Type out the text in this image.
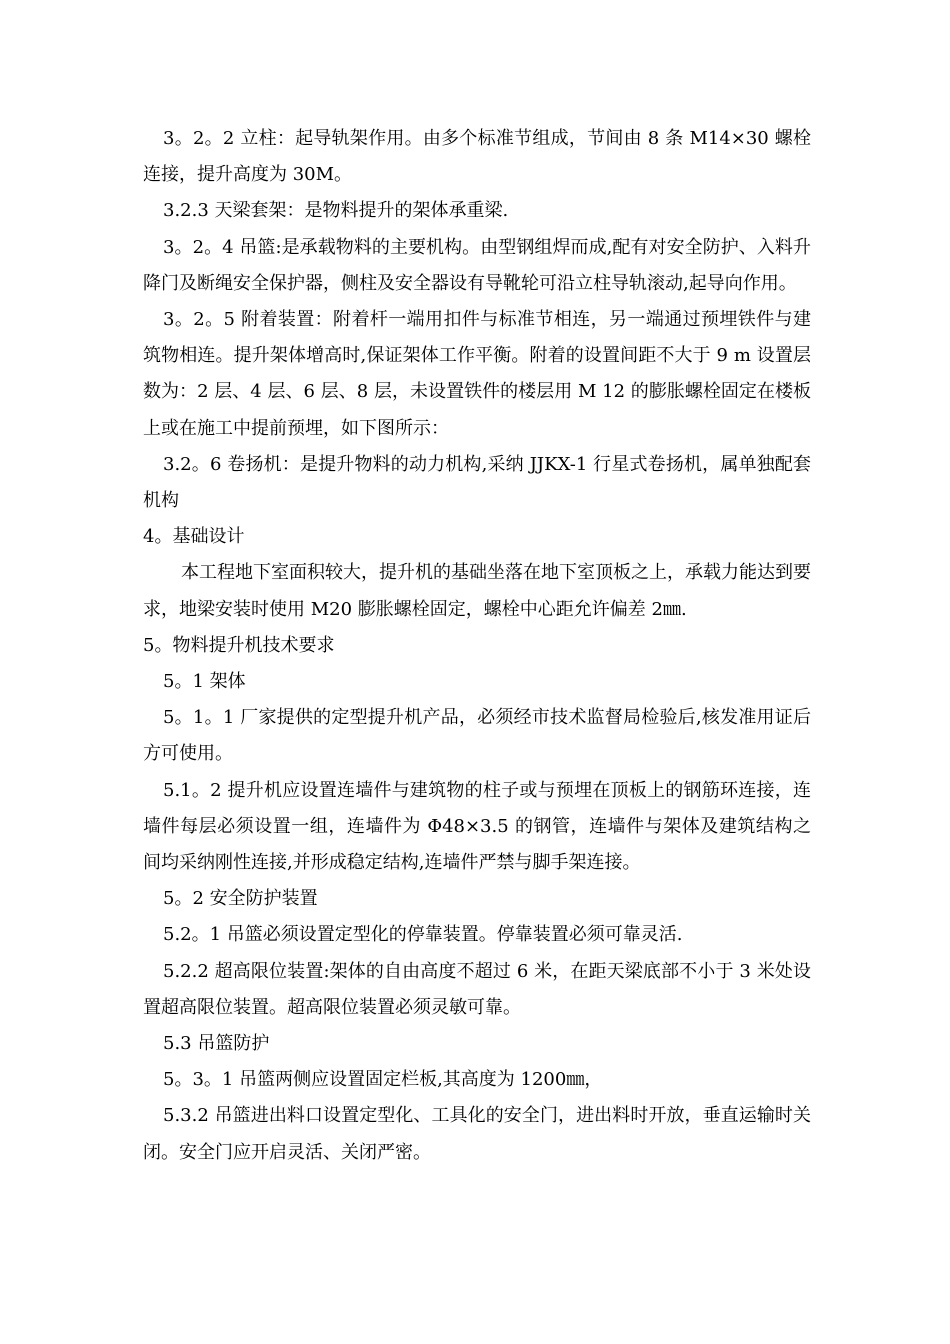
3。2。2 立柱：起导轨架作用。由多个标准节组成，节间由 8 条 M14×30 螺栓连接，提升高度为 30M。

3.2.3 天梁套架：是物料提升的架体承重梁.

3。2。4 吊篮:是承载物料的主要机构。由型钢组焊而成,配有对安全防护、入料升降门及断绳安全保护器，侧柱及安全器设有导靴轮可沿立柱导轨滚动,起导向作用。

3。2。5 附着装置：附着杆一端用扣件与标准节相连，另一端通过预埋铁件与建筑物相连。提升架体增高时,保证架体工作平衡。附着的设置间距不大于 9 m 设置层数为：2 层、4 层、6 层、8 层，未设置铁件的楼层用 M 12 的膨胀螺栓固定在楼板上或在施工中提前预埋，如下图所示：

3.2。6 卷扬机：是提升物料的动力机构,采纳 JJKX-1 行星式卷扬机，属单独配套机构

4。基础设计

本工程地下室面积较大，提升机的基础坐落在地下室顶板之上，承载力能达到要求，地梁安装时使用 M20 膨胀螺栓固定，螺栓中心距允许偏差 2㎜.

5。物料提升机技术要求

5。1 架体

5。1。1 厂家提供的定型提升机产品，必须经市技术监督局检验后,核发准用证后方可使用。

5.1。2 提升机应设置连墙件与建筑物的柱子或与预埋在顶板上的钢筋环连接，连墙件每层必须设置一组，连墙件为 Φ48×3.5 的钢管，连墙件与架体及建筑结构之间均采纳刚性连接,并形成稳定结构,连墙件严禁与脚手架连接。

5。2 安全防护装置

5.2。1 吊篮必须设置定型化的停靠装置。停靠装置必须可靠灵活.

5.2.2 超高限位装置:架体的自由高度不超过 6 米，在距天梁底部不小于 3 米处设置超高限位装置。超高限位装置必须灵敏可靠。

5.3 吊篮防护

5。3。1 吊篮两侧应设置固定栏板,其高度为 1200㎜，

5.3.2 吊篮进出料口设置定型化、工具化的安全门，进出料时开放，垂直运输时关闭。安全门应开启灵活、关闭严密。
